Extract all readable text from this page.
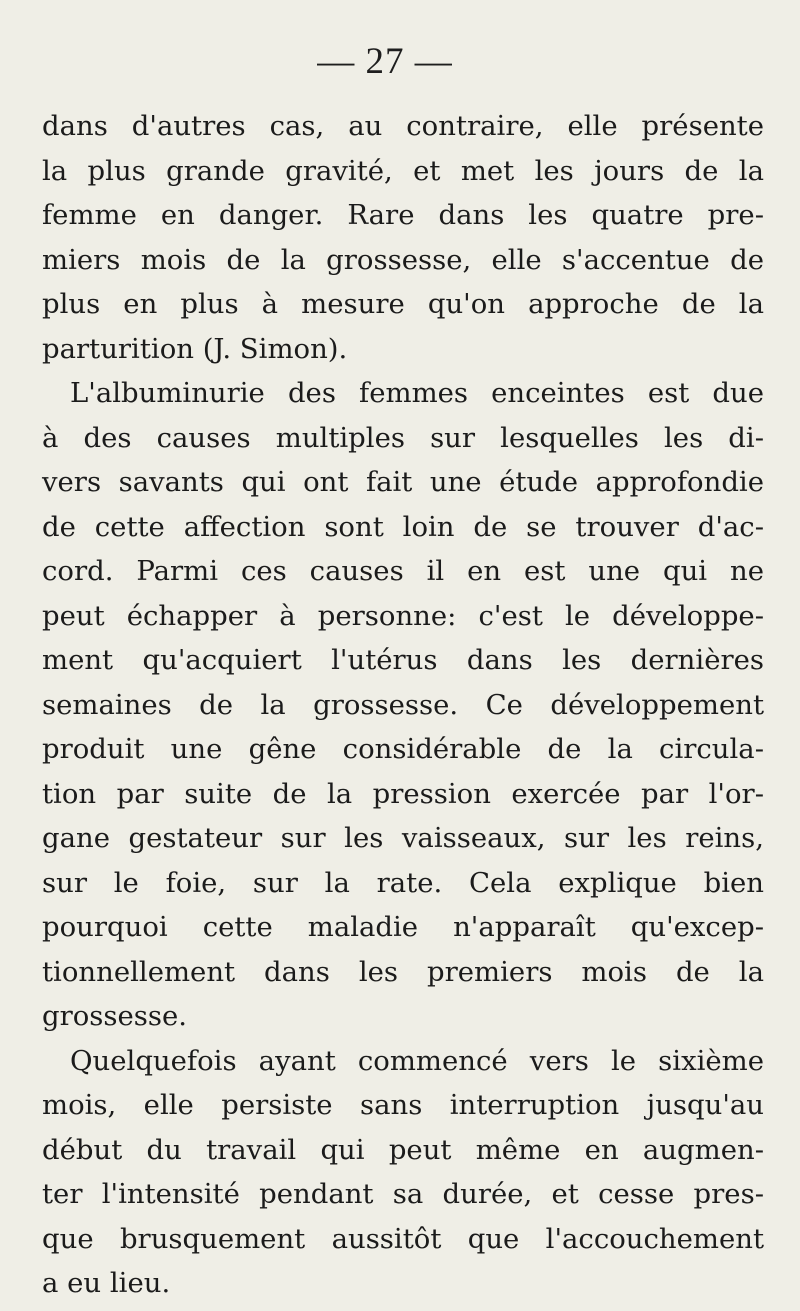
— 27 —
dans d'autres cas, au contraire, elle présente
la plus grande gravité, et met les jours de la
femme en danger. Rare dans les quatre pre-
miers mois de la grossesse, elle s'accentue de
plus en plus à mesure qu'on approche de la
parturition (J. Simon).
L'albuminurie des femmes enceintes est due
à des causes multiples sur lesquelles les di-
vers savants qui ont fait une étude approfondie
de cette affection sont loin de se trouver d'ac-
cord. Parmi ces causes il en est une qui ne
peut échapper à personne: c'est le développe-
ment qu'acquiert l'utérus dans les dernières
semaines de la grossesse. Ce développement
produit une gêne considérable de la circula-
tion par suite de la pression exercée par l'or-
gane gestateur sur les vaisseaux, sur les reins,
sur le foie, sur la rate. Cela explique bien
pourquoi cette maladie n'apparaît qu'excep-
tionnellement dans les premiers mois de la
grossesse.
Quelquefois ayant commencé vers le sixième
mois, elle persiste sans interruption jusqu'au
début du travail qui peut même en augmen-
ter l'intensité pendant sa durée, et cesse pres-
que brusquement aussitôt que l'accouchement
a eu lieu.
